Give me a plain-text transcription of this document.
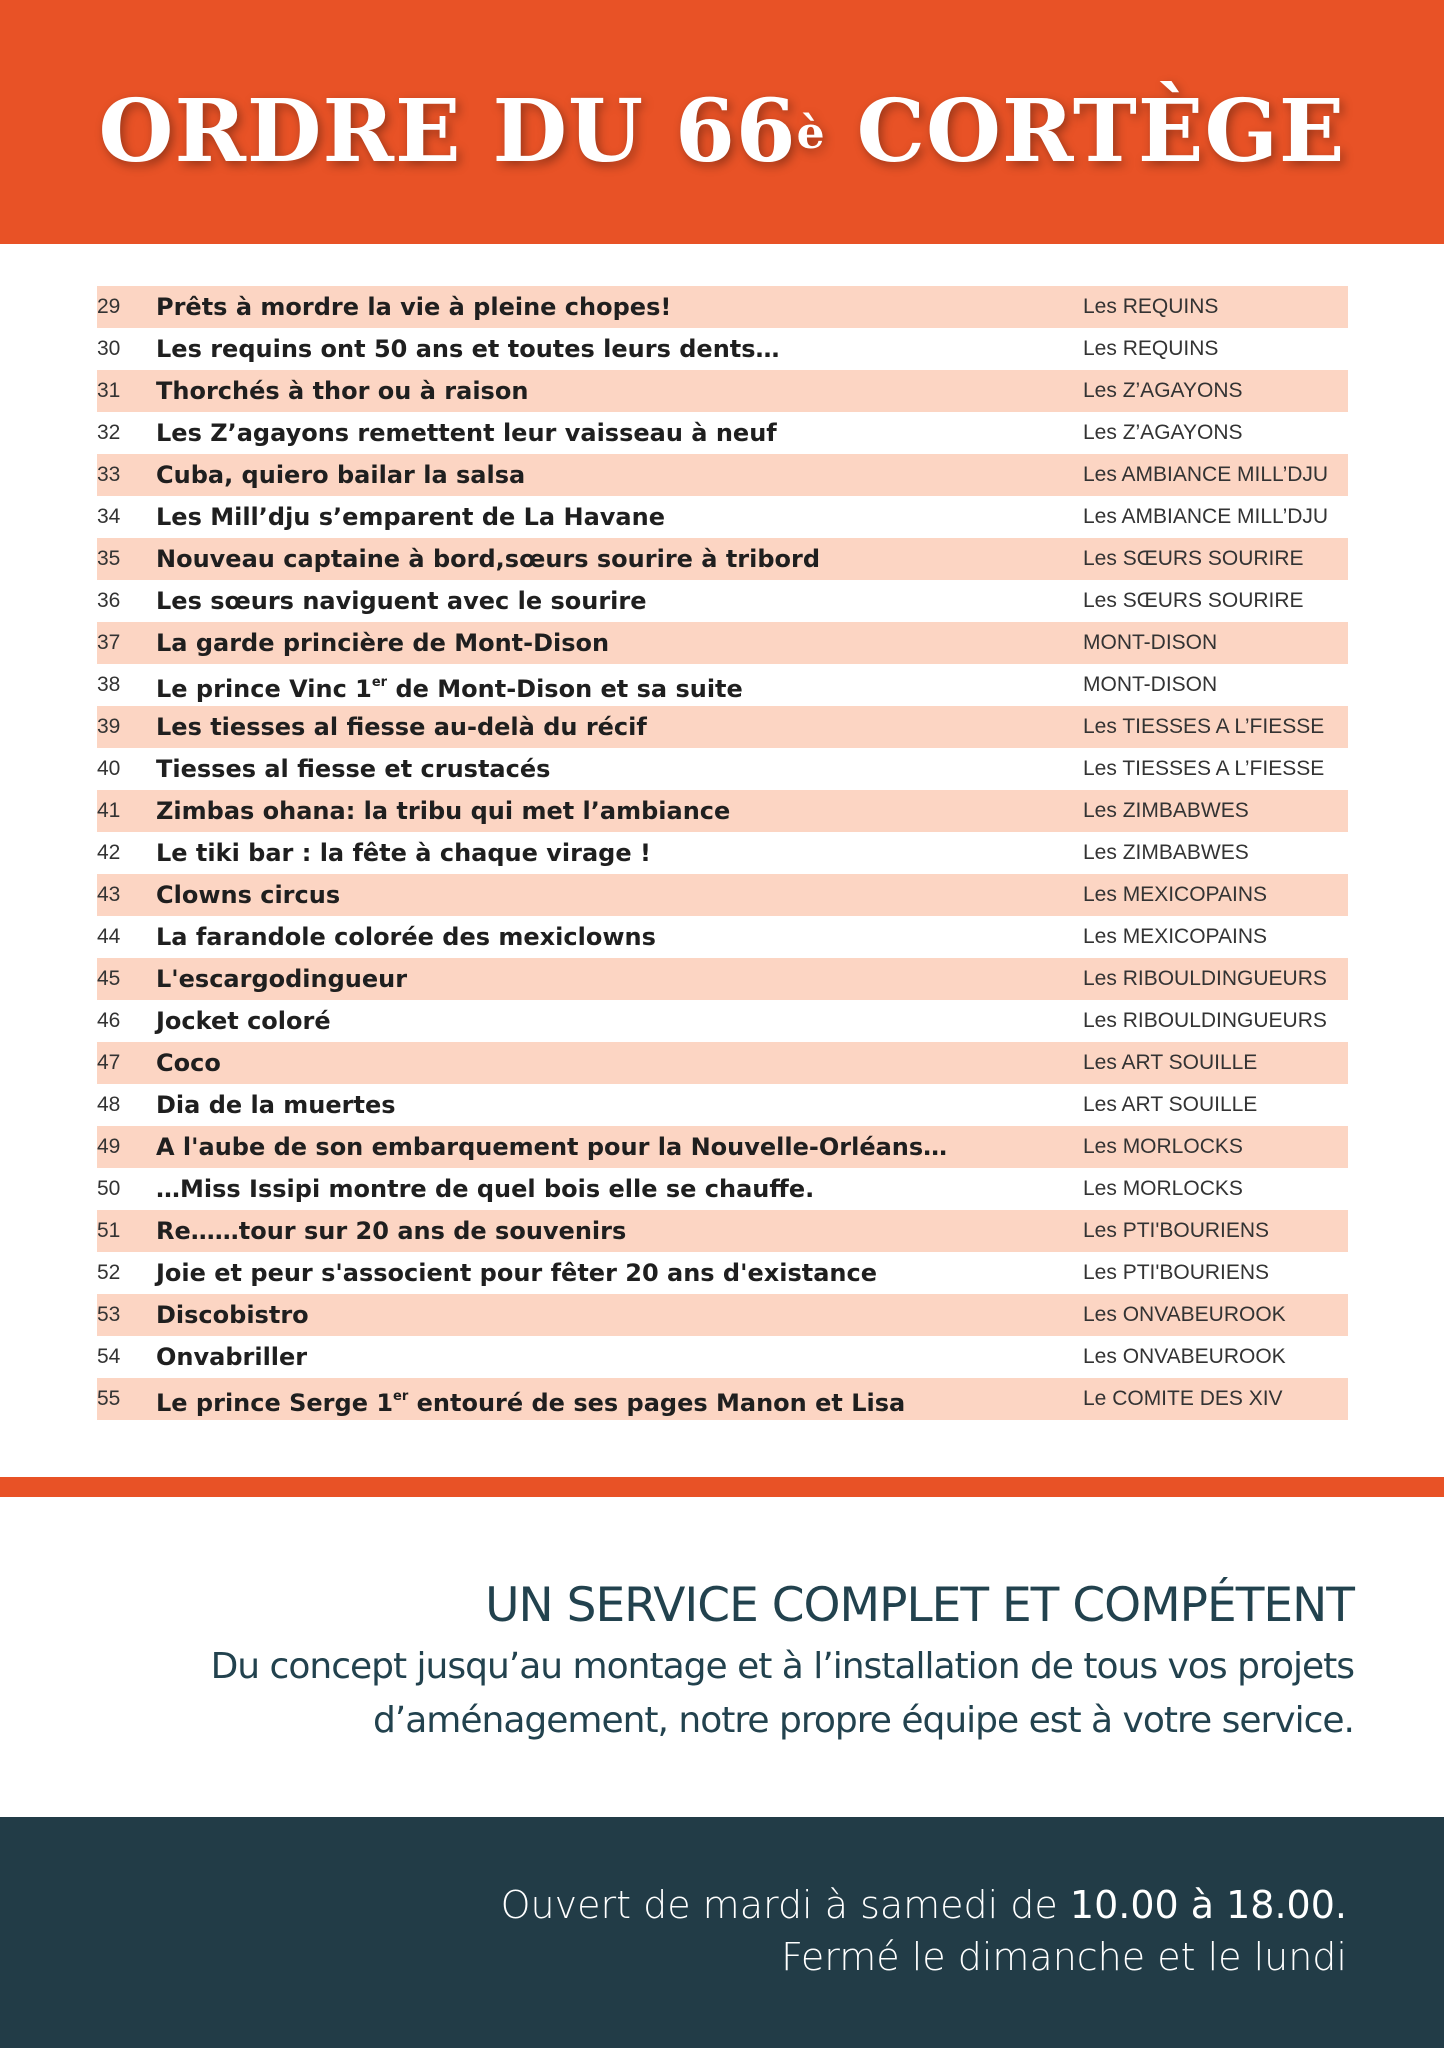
ORDRE DU $66^è$ CORTÈGE
29	Prêts à mordre la vie à pleine chopes!	Les REQUINS
30	Les requins ont 50 ans et toutes leurs dents…	Les REQUINS
31	Thorchés à thor ou à raison	Les Z’AGAYONS
32	Les Z’agayons remettent leur vaisseau à neuf	Les Z’AGAYONS
33	Cuba, quiero bailar la salsa	Les AMBIANCE MILL’DJU
34	Les Mill’dju s’emparent de La Havane	Les AMBIANCE MILL’DJU
35	Nouveau captaine à bord,sœurs sourire à tribord	Les SŒURS SOURIRE
36	Les sœurs naviguent avec le sourire	Les SŒURS SOURIRE
37	La garde princière de Mont-Dison	MONT-DISON
38	Le prince Vinc 1er de Mont-Dison et sa suite	MONT-DISON
39	Les tiesses al fiesse au-delà du récif	Les TIESSES A L’FIESSE
40	Tiesses al fiesse et crustacés	Les TIESSES A L’FIESSE
41	Zimbas ohana: la tribu qui met l’ambiance	Les ZIMBABWES
42	Le tiki bar : la fête à chaque virage !	Les ZIMBABWES
43	Clowns circus	Les MEXICOPAINS
44	La farandole colorée des mexiclowns	Les MEXICOPAINS
45	L'escargodingueur	Les RIBOULDINGUEURS
46	Jocket coloré	Les RIBOULDINGUEURS
47	Coco	Les ART SOUILLE
48	Dia de la muertes	Les ART SOUILLE
49	A l'aube de son embarquement pour la Nouvelle-Orléans…	Les MORLOCKS
50	…Miss Issipi montre de quel bois elle se chauffe.	Les MORLOCKS
51	Re……tour sur 20 ans de souvenirs	Les PTI'BOURIENS
52	Joie et peur s'associent pour fêter 20 ans d'existance	Les PTI'BOURIENS
53	Discobistro	Les ONVABEUROOK
54	Onvabriller	Les ONVABEUROOK
55	Le prince Serge 1er entouré de ses pages Manon et Lisa	Le COMITE DES XIV
UN SERVICE COMPLET ET COMPÉTENT
Du concept jusqu’au montage et à l’installation de tous vos projets
d’aménagement, notre propre équipe est à votre service.
Ouvert de mardi à samedi de 10.00 à 18.00.
Fermé le dimanche et le lundi
